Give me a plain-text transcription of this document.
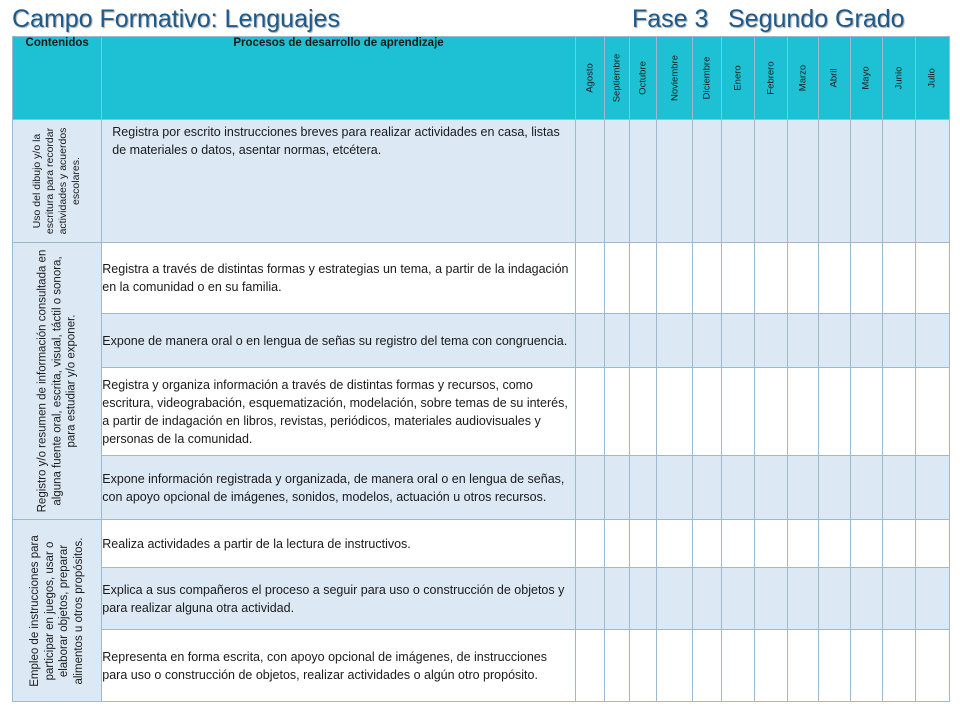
Campo Formativo: Lenguajes	Fase 3 Segundo Grado
Contenidos	Procesos de desarrollo de aprendizaje	Agosto	Septiembre	Octubre	Noviembre	Diciembre	Enero	Febrero	Marzo	Abril	Mayo	Junio	Julio

Uso del dibujo y/o la escritura para recordar actividades y acuerdos escolares.	Registra por escrito instrucciones breves para realizar actividades en casa, listas de materiales o datos, asentar normas, etcétera.												

Registro y/o resumen de información consultada en alguna fuente oral, escrita, visual, táctil o sonora, para estudiar y/o exponer.	Registra a través de distintas formas y estrategias un tema, a partir de la indagación en la comunidad o en su familia.												
	Expone de manera oral o en lengua de señas su registro del tema con congruencia.												
	Registra y organiza información a través de distintas formas y recursos, como escritura, videograbación, esquematización, modelación, sobre temas de su interés, a partir de indagación en libros, revistas, periódicos, materiales audiovisuales y personas de la comunidad.												
	Expone información registrada y organizada, de manera oral o en lengua de señas, con apoyo opcional de imágenes, sonidos, modelos, actuación u otros recursos.												

Empleo de instrucciones para participar en juegos, usar o elaborar objetos, preparar alimentos u otros propósitos.	Realiza actividades a partir de la lectura de instructivos.												
	Explica a sus compañeros el proceso a seguir para uso o construcción de objetos y para realizar alguna otra actividad.												
	Representa en forma escrita, con apoyo opcional de imágenes, de instrucciones para uso o construcción de objetos, realizar actividades o algún otro propósito.												
